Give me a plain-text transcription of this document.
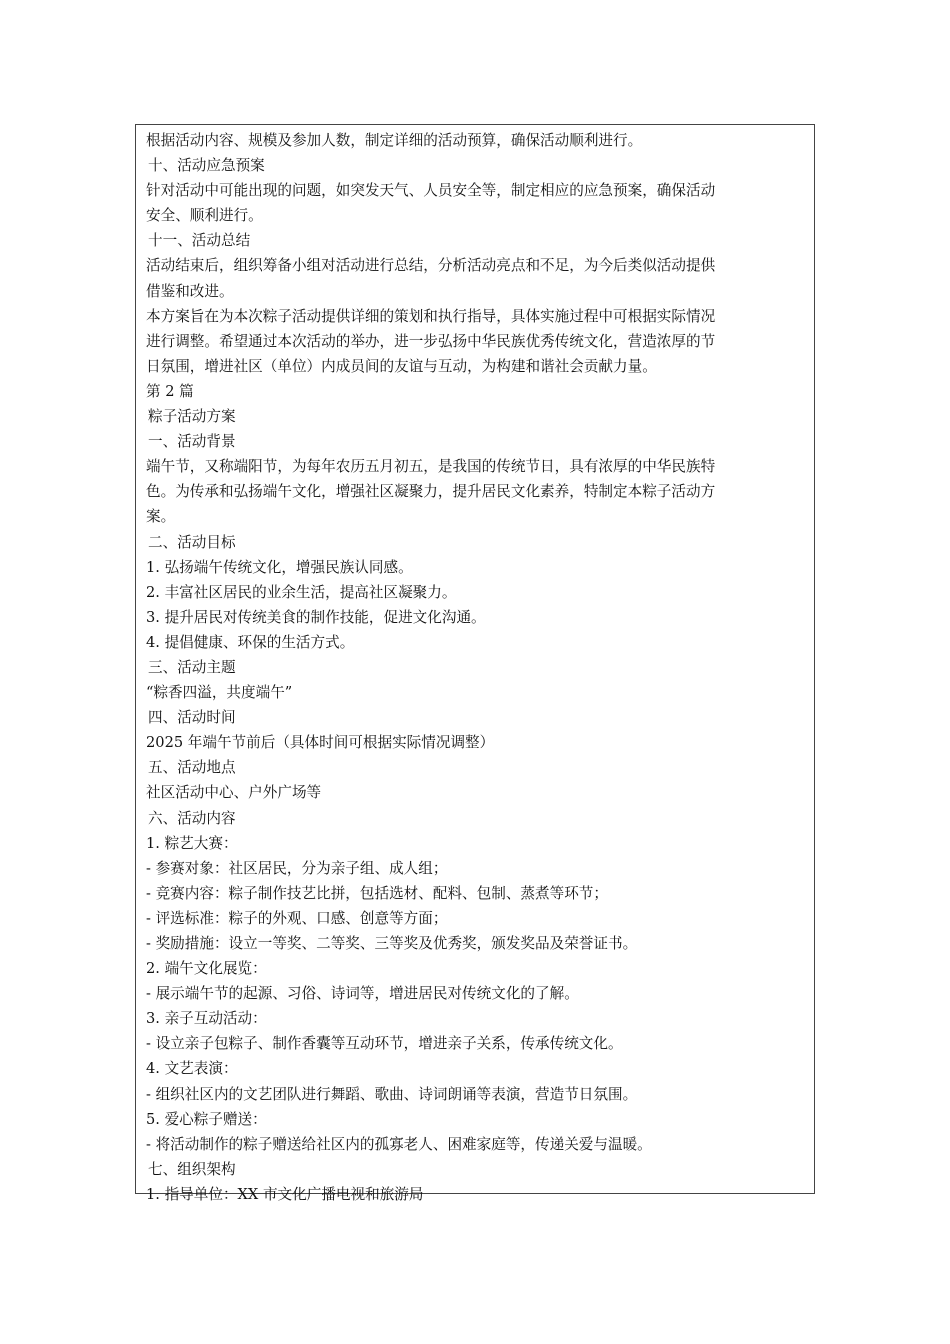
根据活动内容、规模及参加人数，制定详细的活动预算，确保活动顺利进行。
十、活动应急预案
针对活动中可能出现的问题，如突发天气、人员安全等，制定相应的应急预案，确保活动
安全、顺利进行。
十一、活动总结
活动结束后，组织筹备小组对活动进行总结，分析活动亮点和不足，为今后类似活动提供
借鉴和改进。
本方案旨在为本次粽子活动提供详细的策划和执行指导，具体实施过程中可根据实际情况
进行调整。希望通过本次活动的举办，进一步弘扬中华民族优秀传统文化，营造浓厚的节
日氛围，增进社区（单位）内成员间的友谊与互动，为构建和谐社会贡献力量。
第 2 篇
粽子活动方案
一、活动背景
端午节，又称端阳节，为每年农历五月初五，是我国的传统节日，具有浓厚的中华民族特
色。为传承和弘扬端午文化，增强社区凝聚力，提升居民文化素养，特制定本粽子活动方
案。
二、活动目标
1. 弘扬端午传统文化，增强民族认同感。
2. 丰富社区居民的业余生活，提高社区凝聚力。
3. 提升居民对传统美食的制作技能，促进文化沟通。
4. 提倡健康、环保的生活方式。
三、活动主题
“粽香四溢，共度端午”
四、活动时间
2025 年端午节前后（具体时间可根据实际情况调整）
五、活动地点
社区活动中心、户外广场等
六、活动内容
1. 粽艺大赛：
- 参赛对象：社区居民，分为亲子组、成人组；
- 竞赛内容：粽子制作技艺比拼，包括选材、配料、包制、蒸煮等环节；
- 评选标准：粽子的外观、口感、创意等方面；
- 奖励措施：设立一等奖、二等奖、三等奖及优秀奖，颁发奖品及荣誉证书。
2. 端午文化展览：
- 展示端午节的起源、习俗、诗词等，增进居民对传统文化的了解。
3. 亲子互动活动：
- 设立亲子包粽子、制作香囊等互动环节，增进亲子关系，传承传统文化。
4. 文艺表演：
- 组织社区内的文艺团队进行舞蹈、歌曲、诗词朗诵等表演，营造节日氛围。
5. 爱心粽子赠送：
- 将活动制作的粽子赠送给社区内的孤寡老人、困难家庭等，传递关爱与温暖。
七、组织架构
1. 指导单位：XX 市文化广播电视和旅游局
